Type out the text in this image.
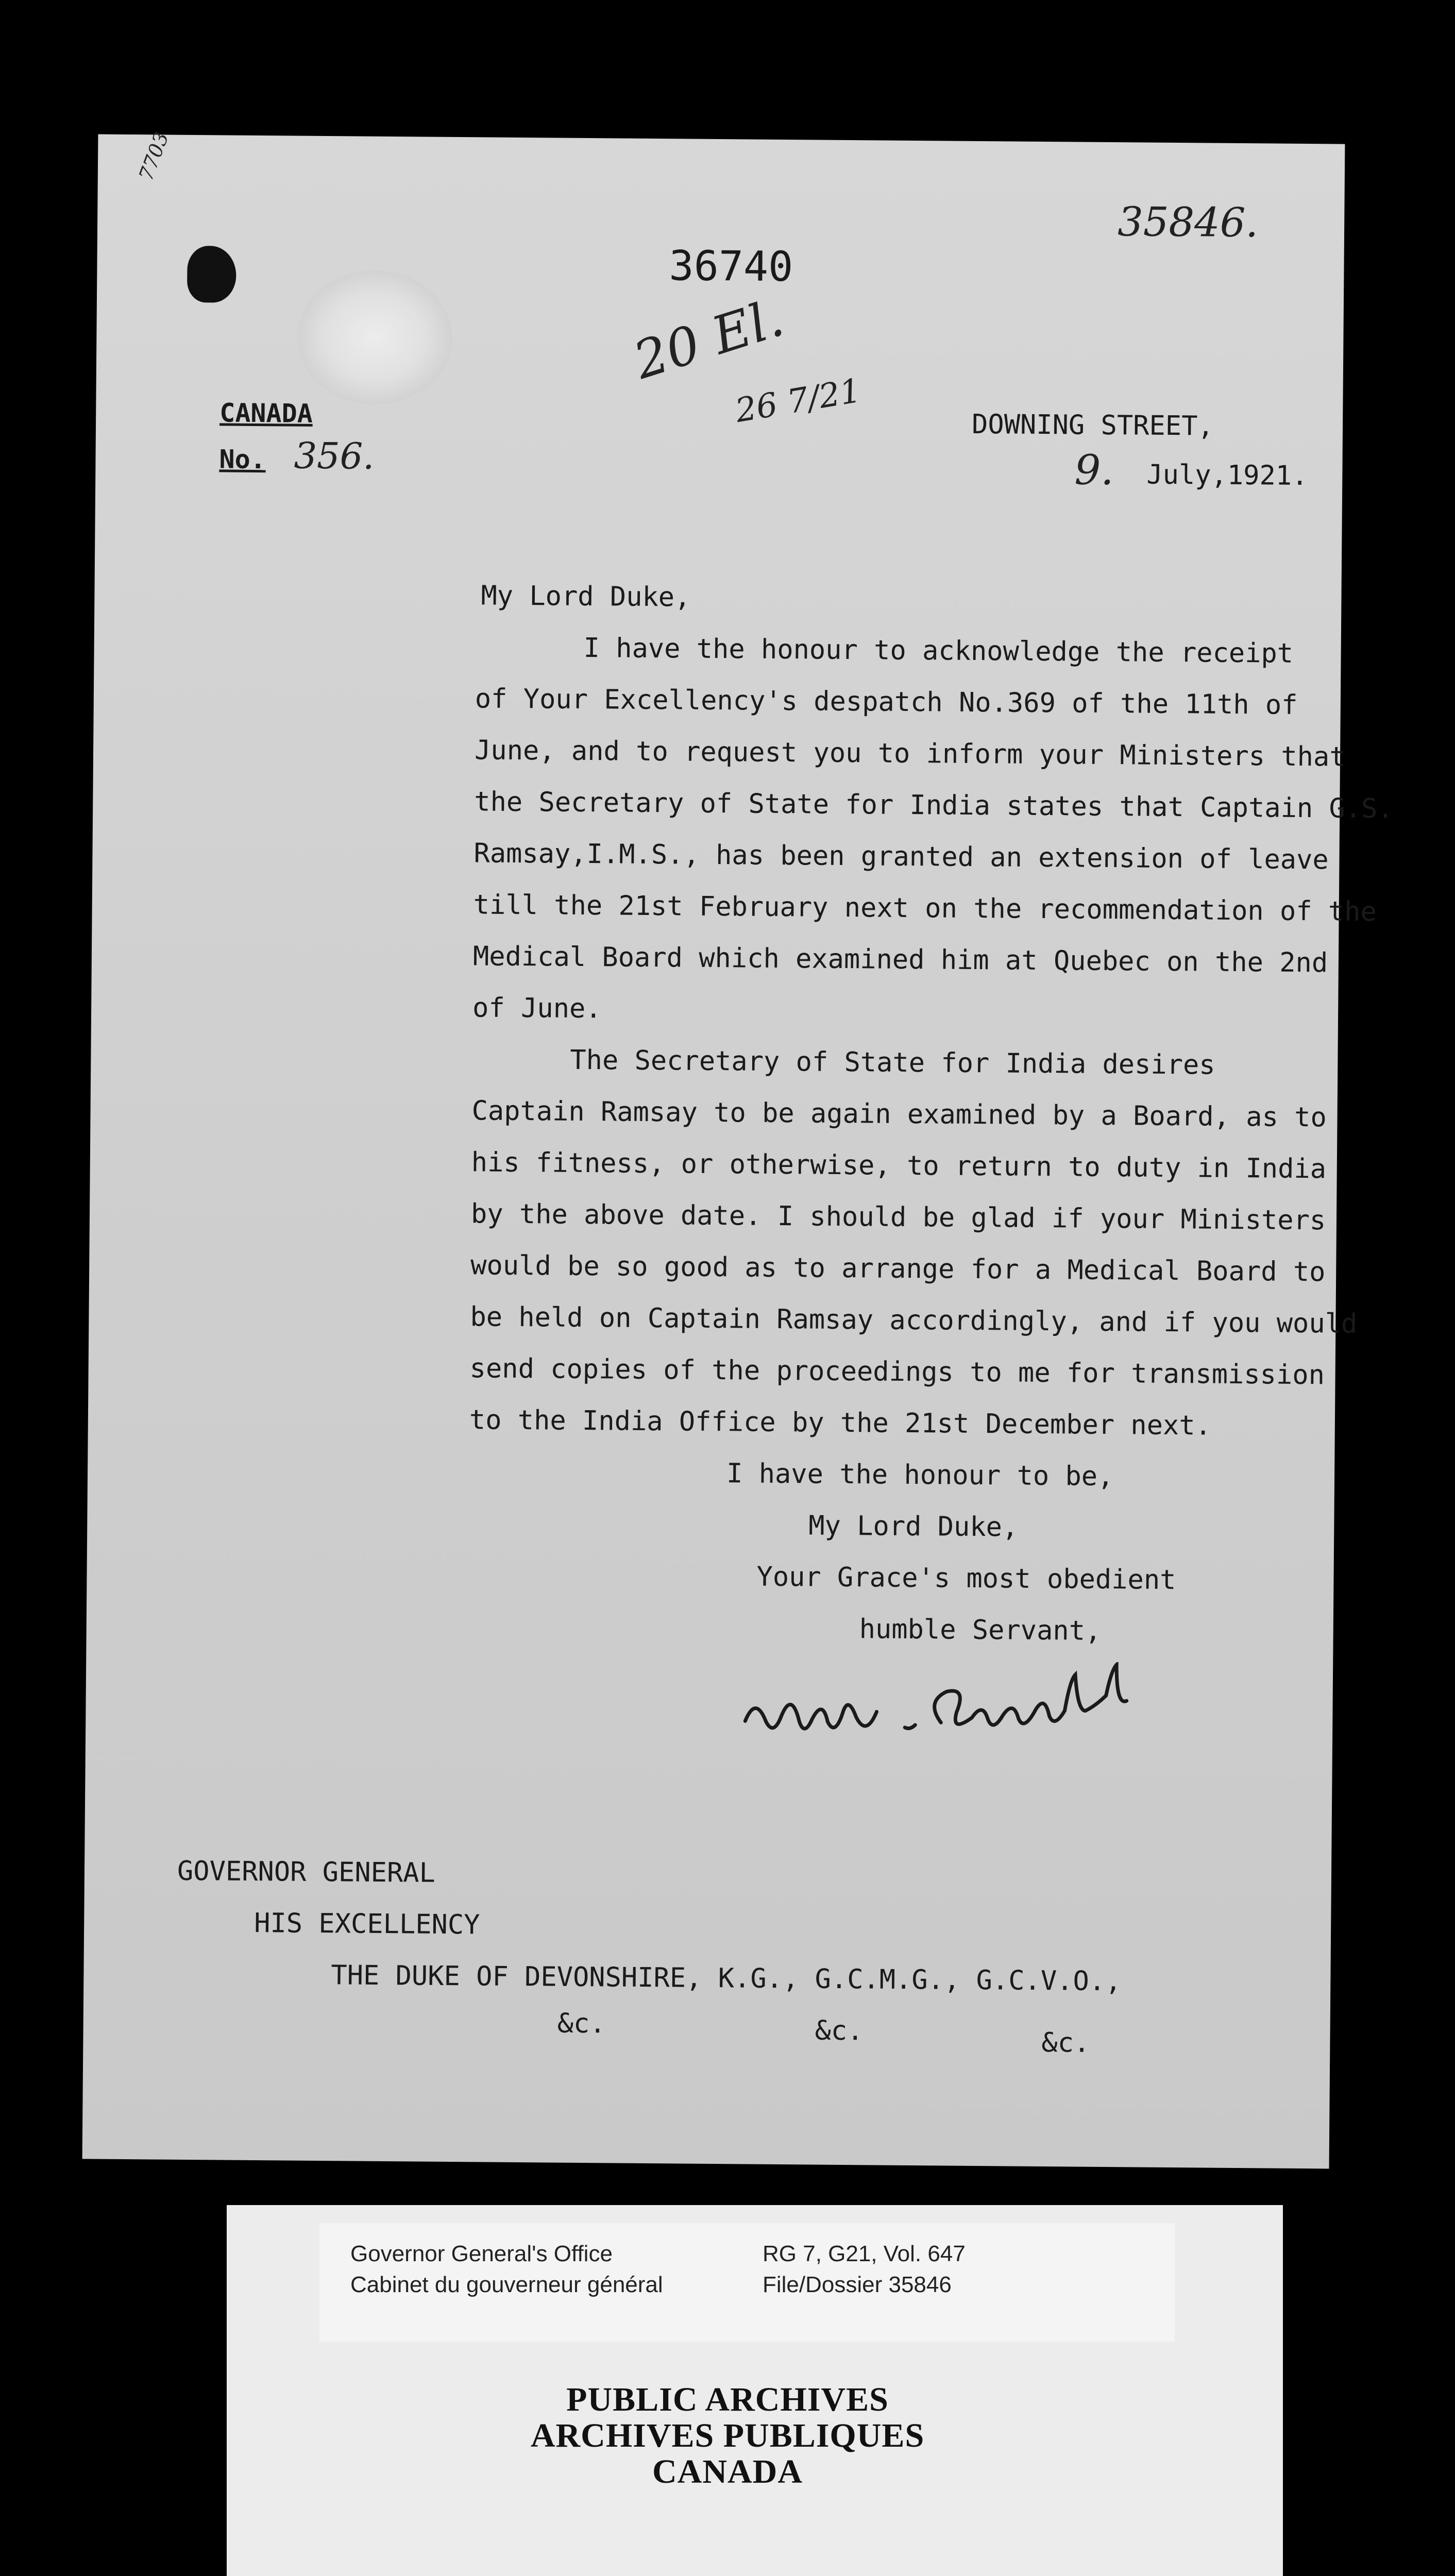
7703
36740
35846.
20 El.
26 7/21
CANADA
No. 356.
DOWNING STREET,
9. July,1921.
My Lord Duke,
I have the honour to acknowledge the receipt
of Your Excellency's despatch No.369 of the 11th of
June, and to request you to inform your Ministers that
the Secretary of State for India states that Captain G.S.
Ramsay,I.M.S., has been granted an extension of leave
till the 21st February next on the recommendation of the
Medical Board which examined him at Quebec on the 2nd
of June.
The Secretary of State for India desires
Captain Ramsay to be again examined by a Board, as to
his fitness, or otherwise, to return to duty in India
by the above date. I should be glad if your Ministers
would be so good as to arrange for a Medical Board to
be held on Captain Ramsay accordingly, and if you would
send copies of the proceedings to me for transmission
to the India Office by the 21st December next.
I have the honour to be,
My Lord Duke,
Your Grace's most obedient
humble Servant,
GOVERNOR GENERAL
HIS EXCELLENCY
THE DUKE OF DEVONSHIRE, K.G., G.C.M.G., G.C.V.O.,
&c.	&c.	&c.
Governor General's Office
Cabinet du gouverneur général
RG 7, G21, Vol. 647
File/Dossier 35846
PUBLIC ARCHIVES
ARCHIVES PUBLIQUES
CANADA
